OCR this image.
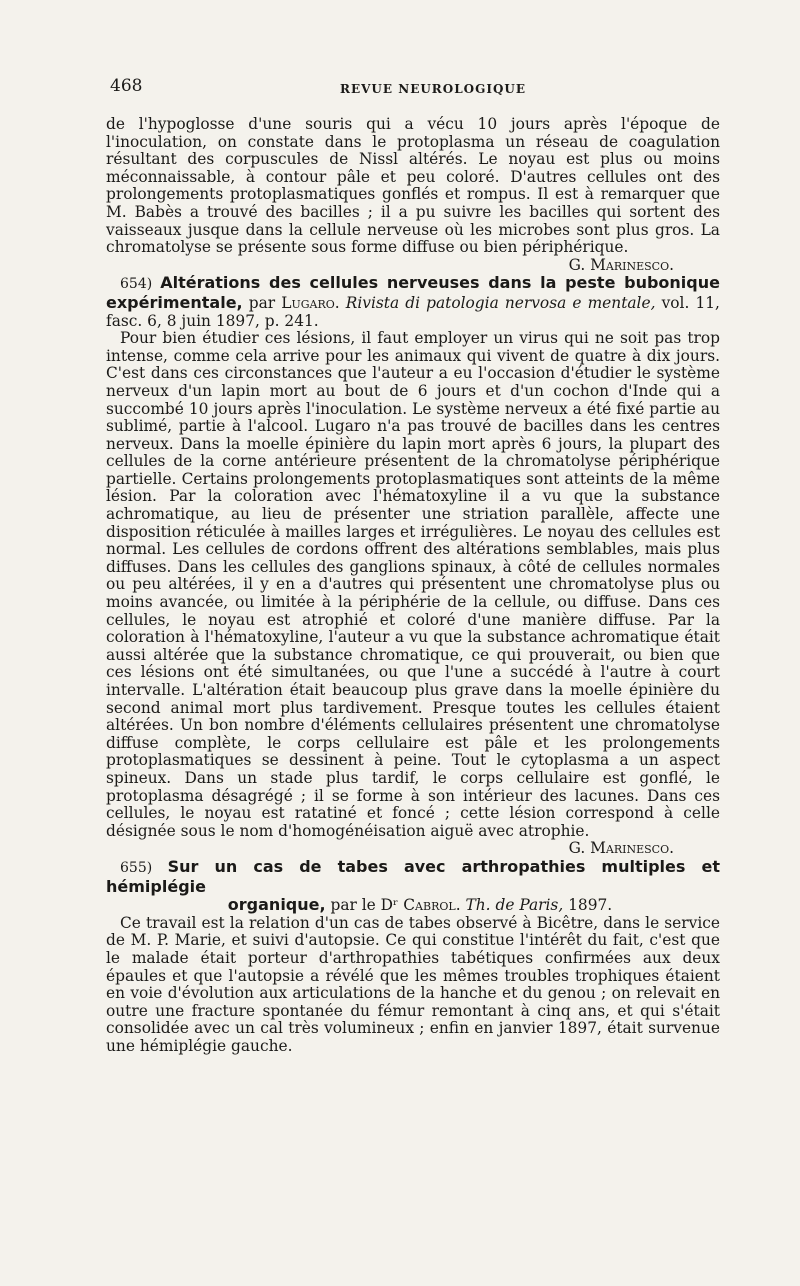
468	REVUE NEUROLOGIQUE

de l'hypoglosse d'une souris qui a vécu 10 jours après l'époque de l'inoculation, on constate dans le protoplasma un réseau de coagulation résultant des corpuscules de Nissl altérés. Le noyau est plus ou moins méconnaissable, à contour pâle et peu coloré. D'autres cellules ont des prolongements protoplasmatiques gonflés et rompus. Il est à remarquer que M. Babès a trouvé des bacilles ; il a pu suivre les bacilles qui sortent des vaisseaux jusque dans la cellule nerveuse où les microbes sont plus gros. La chromatolyse se présente sous forme diffuse ou bien périphérique.

G. Marinesco.

654) Altérations des cellules nerveuses dans la peste bubonique expérimentale, par Lugaro. Rivista di patologia nervosa e mentale, vol. 11, fasc. 6, 8 juin 1897, p. 241.

Pour bien étudier ces lésions, il faut employer un virus qui ne soit pas trop intense, comme cela arrive pour les animaux qui vivent de quatre à dix jours. C'est dans ces circonstances que l'auteur a eu l'occasion d'étudier le système nerveux d'un lapin mort au bout de 6 jours et d'un cochon d'Inde qui a succombé 10 jours après l'inoculation. Le système nerveux a été fixé partie au sublimé, partie à l'alcool. Lugaro n'a pas trouvé de bacilles dans les centres nerveux. Dans la moelle épinière du lapin mort après 6 jours, la plupart des cellules de la corne antérieure présentent de la chromatolyse périphérique partielle. Certains prolongements protoplasmatiques sont atteints de la même lésion. Par la coloration avec l'hématoxyline il a vu que la substance achromatique, au lieu de présenter une striation parallèle, affecte une disposition réticulée à mailles larges et irrégulières. Le noyau des cellules est normal. Les cellules de cordons offrent des altérations semblables, mais plus diffuses. Dans les cellules des ganglions spinaux, à côté de cellules normales ou peu altérées, il y en a d'autres qui présentent une chromatolyse plus ou moins avancée, ou limitée à la périphérie de la cellule, ou diffuse. Dans ces cellules, le noyau est atrophié et coloré d'une manière diffuse. Par la coloration à l'hématoxyline, l'auteur a vu que la substance achromatique était aussi altérée que la substance chromatique, ce qui prouverait, ou bien que ces lésions ont été simultanées, ou que l'une a succédé à l'autre à court intervalle. L'altération était beaucoup plus grave dans la moelle épinière du second animal mort plus tardivement. Presque toutes les cellules étaient altérées. Un bon nombre d'éléments cellulaires présentent une chromatolyse diffuse complète, le corps cellulaire est pâle et les prolongements protoplasmatiques se dessinent à peine. Tout le cytoplasma a un aspect spineux. Dans un stade plus tardif, le corps cellulaire est gonflé, le protoplasma désagrégé ; il se forme à son intérieur des lacunes. Dans ces cellules, le noyau est ratatiné et foncé ; cette lésion correspond à celle désignée sous le nom d'homogénéisation aiguë avec atrophie.

G. Marinesco.

655) Sur un cas de tabes avec arthropathies multiples et hémiplégie
organique, par le Dʳ Cabrol. Th. de Paris, 1897.

Ce travail est la relation d'un cas de tabes observé à Bicêtre, dans le service de M. P. Marie, et suivi d'autopsie. Ce qui constitue l'intérêt du fait, c'est que le malade était porteur d'arthropathies tabétiques confirmées aux deux épaules et que l'autopsie a révélé que les mêmes troubles trophiques étaient en voie d'évolution aux articulations de la hanche et du genou ; on relevait en outre une fracture spontanée du fémur remontant à cinq ans, et qui s'était consolidée avec un cal très volumineux ; enfin en janvier 1897, était survenue une hémiplégie gauche.
